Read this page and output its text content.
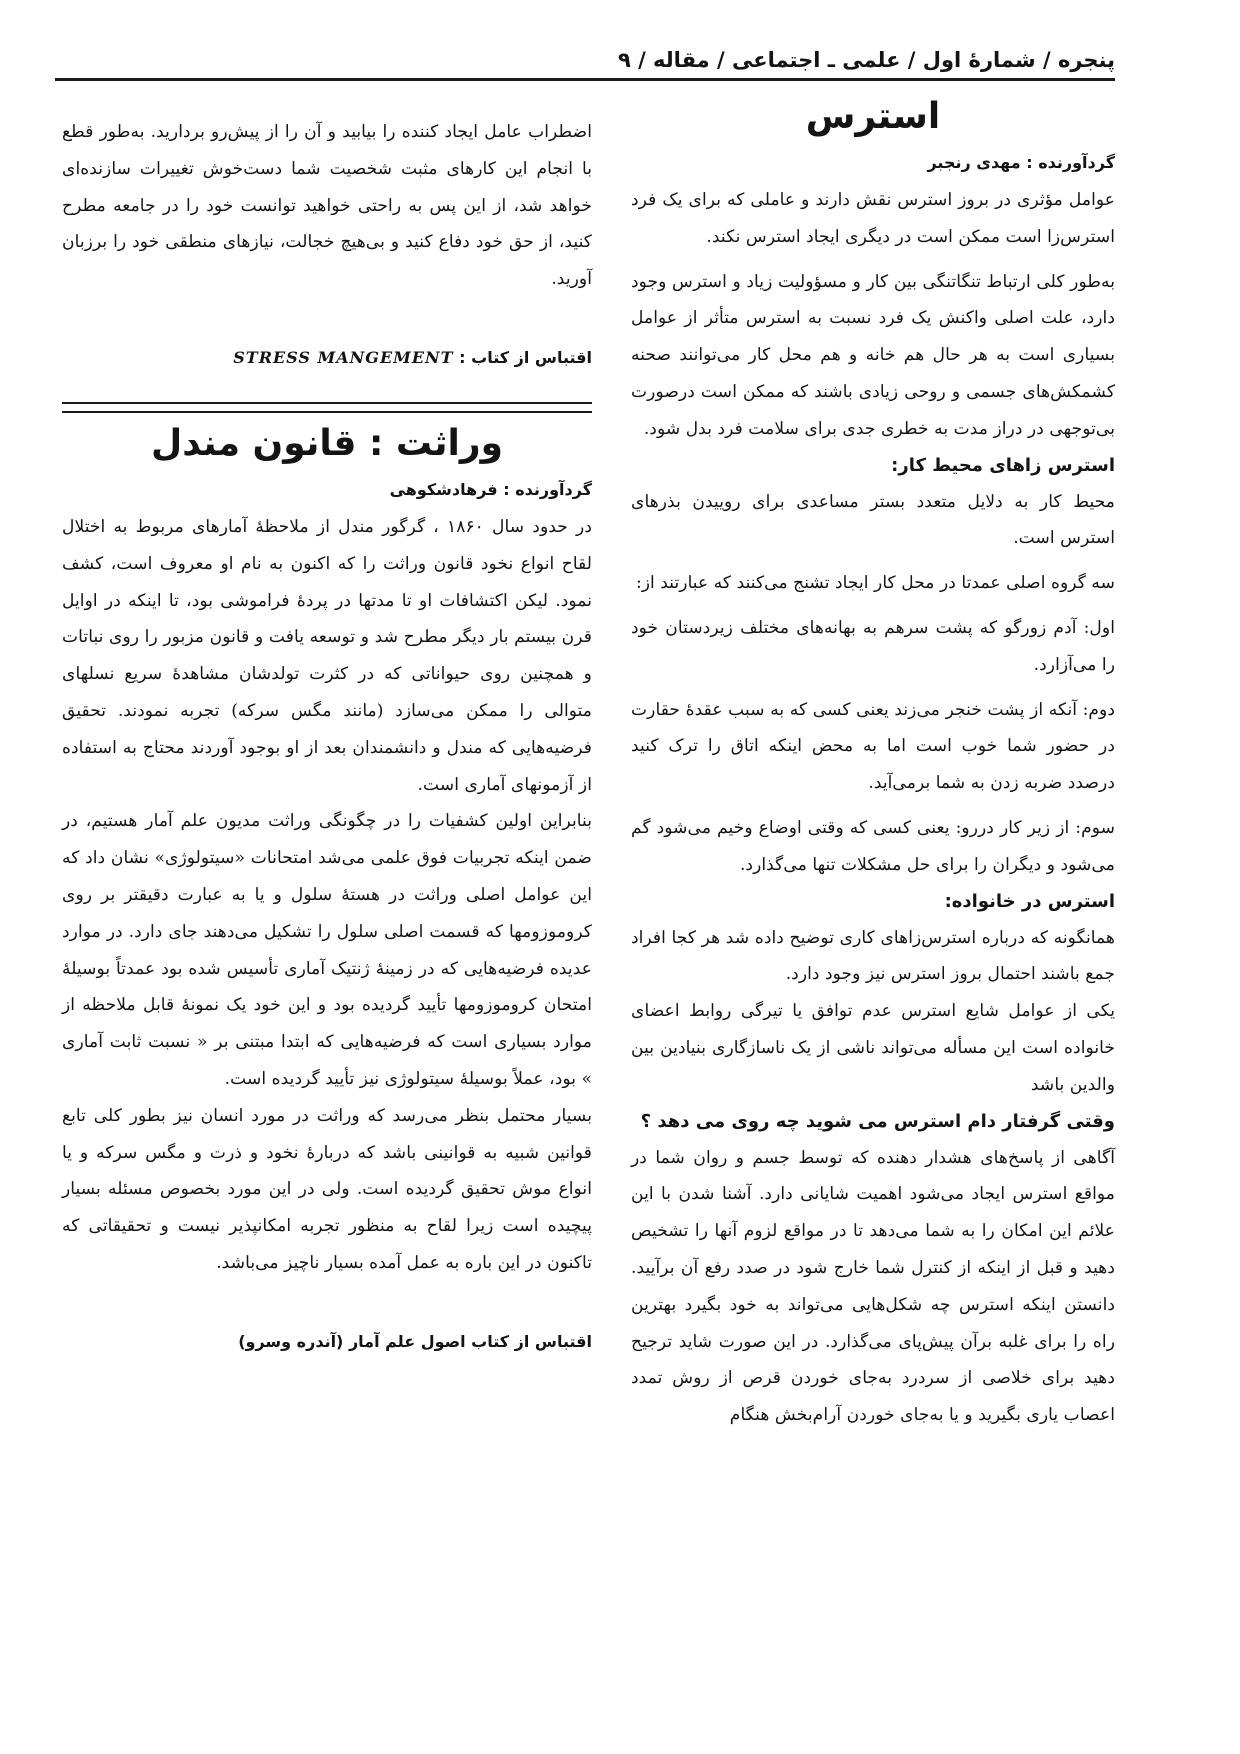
پنجره / شمارهٔ اول / علمی ـ اجتماعی / مقاله / ۹
استرس
گردآورنده : مهدی رنجبر

عوامل مؤثری در بروز استرس نقش دارند و عاملی که برای یک فرد استرس‌زا است ممکن است در دیگری ایجاد استرس نکند.

به‌طور کلی ارتباط تنگاتنگی بین کار و مسؤولیت زیاد و استرس وجود دارد، علت اصلی واکنش یک فرد نسبت به استرس متأثر از عوامل بسیاری است به هر حال هم خانه و هم محل کار می‌توانند صحنه کشمکش‌های جسمی و روحی زیادی باشند که ممکن است درصورت بی‌توجهی در دراز مدت به خطری جدی برای سلامت فرد بدل شود.

استرس زاهای محیط کار:

محیط کار به دلایل متعدد بستر مساعدی برای روییدن بذرهای استرس است.

سه گروه اصلی عمدتا در محل کار ایجاد تشنج می‌کنند که عبارتند از:

اول: آدم زورگو که پشت سرهم به بهانه‌های مختلف زیردستان خود را می‌آزارد.

دوم: آنکه از پشت خنجر می‌زند یعنی کسی که به سبب عقدهٔ حقارت در حضور شما خوب است اما به محض اینکه اتاق را ترک کنید درصدد ضربه زدن به شما برمی‌آید.

سوم: از زیر کار دررو: یعنی کسی که وقتی اوضاع وخیم می‌شود گم می‌شود و دیگران را برای حل مشکلات تنها می‌گذارد.

استرس در خانواده:

همانگونه که درباره استرس‌زاهای کاری توضیح داده شد هر کجا افراد جمع باشند احتمال بروز استرس نیز وجود دارد.

یکی از عوامل شایع استرس عدم توافق یا تیرگی روابط اعضای خانواده است این مسأله می‌تواند ناشی از یک ناسازگاری بنیادین بین والدین باشد

وقتی گرفتار دام استرس می شوید چه روی می دهد ؟

آگاهی از پاسخ‌های هشدار دهنده که توسط جسم و روان شما در مواقع استرس ایجاد می‌شود اهمیت شایانی دارد. آشنا شدن با این علائم این امکان را به شما می‌دهد تا در مواقع لزوم آنها را تشخیص دهید و قبل از اینکه از کنترل شما خارج شود در صدد رفع آن برآیید. دانستن اینکه استرس چه شکل‌هایی می‌تواند به خود بگیرد بهترین راه را برای غلبه برآن پیش‌پای می‌گذارد. در این صورت شاید ترجیح دهید برای خلاصی از سردرد به‌جای خوردن قرص از روش تمدد اعصاب یاری بگیرید و یا به‌جای خوردن آرام‌بخش هنگام

اضطراب عامل ایجاد کننده را بیابید و آن را از پیش‌رو بردارید. به‌طور قطع با انجام این کارهای مثبت شخصیت شما دست‌خوش تغییرات سازنده‌ای خواهد شد، از این پس به راحتی خواهید توانست خود را در جامعه مطرح کنید، از حق خود دفاع کنید و بی‌هیچ خجالت، نیازهای منطقی خود را برزبان آورید.

اقتباس از کتاب : STRESS MANGEMENT
وراثت : قانون مندل
گردآورنده : فرهادشکوهی

در حدود سال ۱۸۶۰ ، گرگور مندل از ملاحظهٔ آمارهای مربوط به اختلال لقاح انواع نخود قانون وراثت را که اکنون به نام او معروف است، کشف نمود. لیکن اکتشافات او تا مدتها در پردهٔ فراموشی بود، تا اینکه در اوایل قرن بیستم بار دیگر مطرح شد و توسعه یافت و قانون مزبور را روی نباتات و همچنین روی حیواناتی که در کثرت تولدشان مشاهدهٔ سریع نسلهای متوالی را ممکن می‌سازد (مانند مگس سرکه) تجربه نمودند. تحقیق فرضیه‌هایی که مندل و دانشمندان بعد از او بوجود آوردند محتاج به استفاده از آزمونهای آماری است.

بنابراین اولین کشفیات را در چگونگی وراثت مدیون علم آمار هستیم، در ضمن اینکه تجربیات فوق علمی می‌شد امتحانات «سیتولوژی» نشان داد که این عوامل اصلی وراثت در هستهٔ سلول و یا به عبارت دقیقتر بر روی کروموزومها که قسمت اصلی سلول را تشکیل می‌دهند جای دارد. در موارد عدیده فرضیه‌هایی که در زمینهٔ ژنتیک آماری تأسیس شده بود عمدتاً بوسیلهٔ امتحان کروموزومها تأیید گردیده بود و این خود یک نمونهٔ قابل ملاحظه از موارد بسیاری است که فرضیه‌هایی که ابتدا مبتنی بر « نسبت ثابت آماری » بود، عملاً بوسیلهٔ سیتولوژی نیز تأیید گردیده است.

بسیار محتمل بنظر می‌رسد که وراثت در مورد انسان نیز بطور کلی تابع قوانین شبیه به قوانینی باشد که دربارهٔ نخود و ذرت و مگس سرکه و یا انواع موش تحقیق گردیده است. ولی در این مورد بخصوص مسئله بسیار پیچیده است زیرا لقاح به منظور تجربه امکانپذیر نیست و تحقیقاتی که تاکنون در این باره به عمل آمده بسیار ناچیز می‌باشد.

اقتباس از کتاب اصول علم آمار (آندره وسرو)
